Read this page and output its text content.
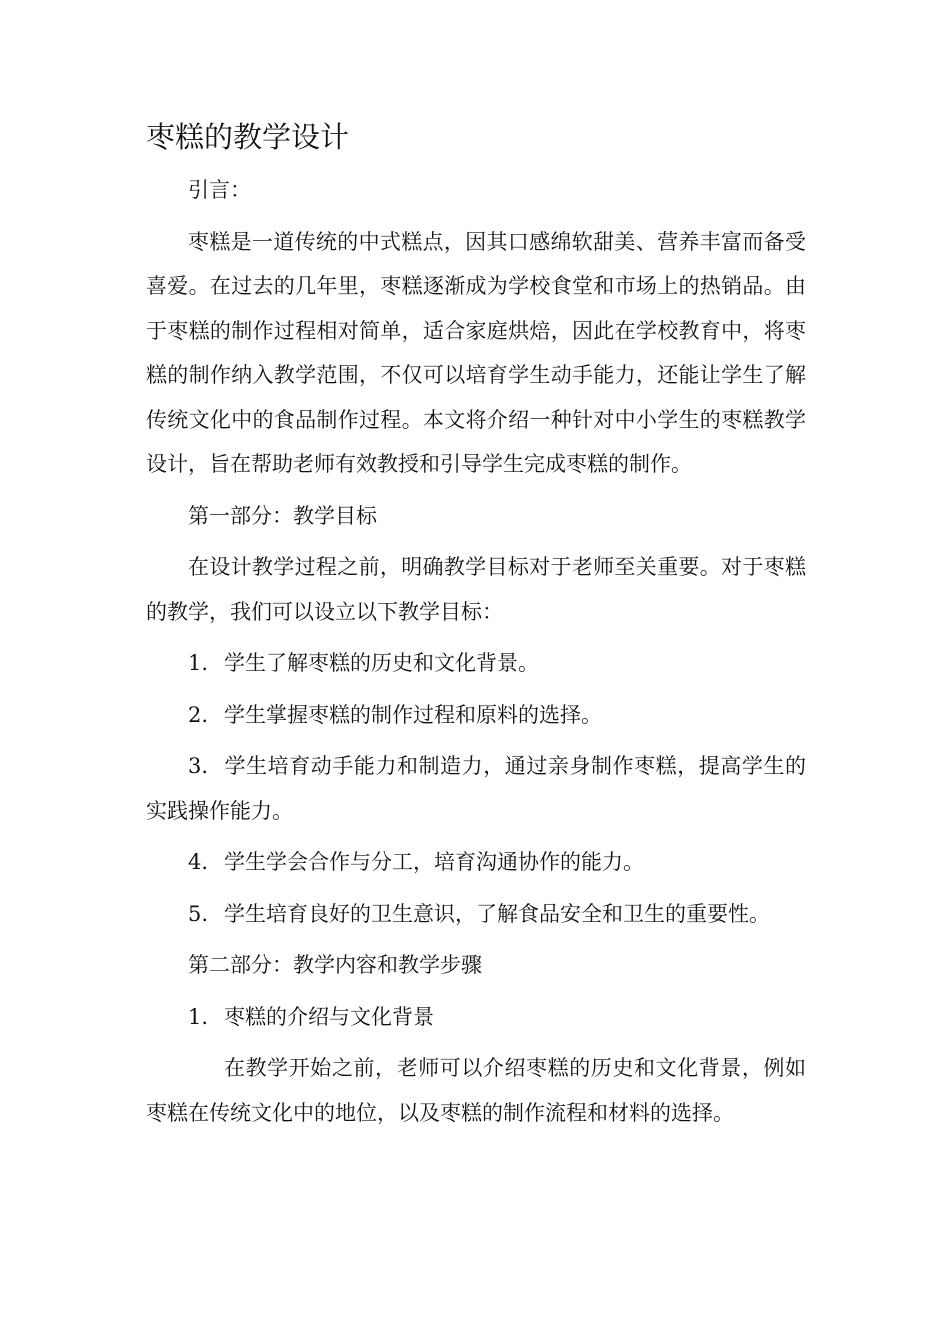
枣糕的教学设计
引言：
枣糕是一道传统的中式糕点，因其口感绵软甜美、营养丰富而备受喜爱。在过去的几年里，枣糕逐渐成为学校食堂和市场上的热销品。由于枣糕的制作过程相对简单，适合家庭烘焙，因此在学校教育中，将枣糕的制作纳入教学范围，不仅可以培育学生动手能力，还能让学生了解传统文化中的食品制作过程。本文将介绍一种针对中小学生的枣糕教学设计，旨在帮助老师有效教授和引导学生完成枣糕的制作。
第一部分：教学目标
在设计教学过程之前，明确教学目标对于老师至关重要。对于枣糕的教学，我们可以设立以下教学目标：
1. 学生了解枣糕的历史和文化背景。
2. 学生掌握枣糕的制作过程和原料的选择。
3. 学生培育动手能力和制造力，通过亲身制作枣糕，提高学生的实践操作能力。
4. 学生学会合作与分工，培育沟通协作的能力。
5. 学生培育良好的卫生意识，了解食品安全和卫生的重要性。
第二部分：教学内容和教学步骤
1. 枣糕的介绍与文化背景
在教学开始之前，老师可以介绍枣糕的历史和文化背景，例如枣糕在传统文化中的地位，以及枣糕的制作流程和材料的选择。
